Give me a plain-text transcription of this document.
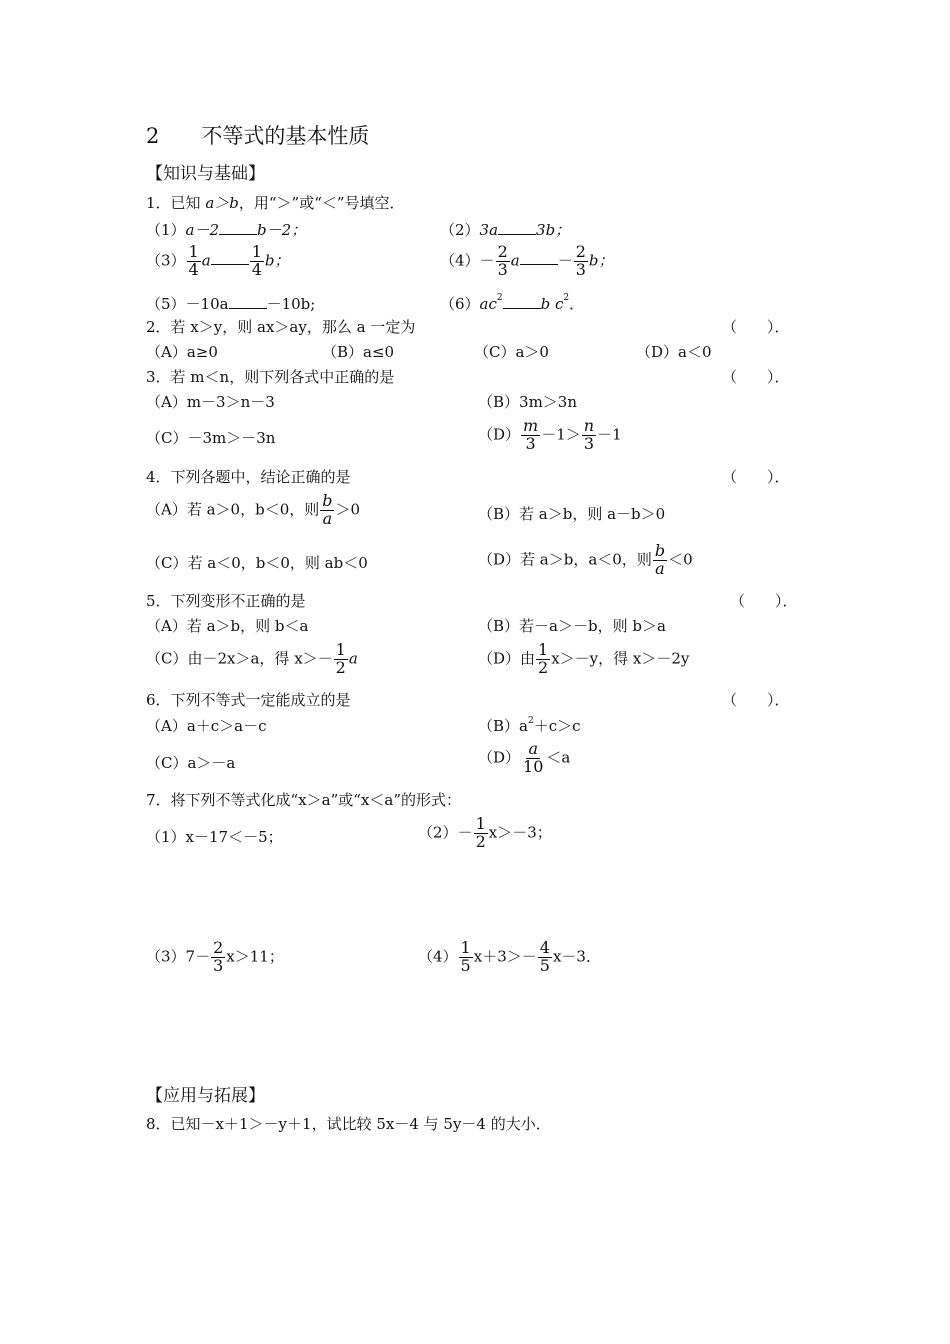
2　　不等式的基本性质
【知识与基础】
1．已知 a＞b，用“＞”或“＜”号填空．
（1）a－2	b－2；	（2）3a	3b；
$(3) \frac{1}{4}$ a $\frac{1}{4}$ b；	$(4)- \frac{2}{3}$ a	－ $\frac{2}{3}$ b；
（5）－10a	－10b;	$(6)ac^2$	b $c^2$．
2．若 x＞y，则 ax＞ay，那么 a 一定为	（　　）．
（A）a≥0	（B）a≤0	（C）a＞0	（D）a＜0
3．若 m＜n，则下列各式中正确的是	（　　）．
（A）m－3＞n－3	（B）3m＞3n
（C）－3m＞－3n	$(D) \frac{m}{3} -1> \frac{n}{3} -1$
4．下列各题中，结论正确的是	（　　）．
（A）若 a＞0，b＜0，则 $\frac{b}{a} >0$	（B）若 a＞b，则 a－b＞0
（C）若 a＜0，b＜0，则 ab＜0	（D）若 a＞b，a＜0，则 $\frac{b}{a} <0$
5．下列变形不正确的是	（　　）．
（A）若 a＞b，则 b＜a	（B）若－a＞－b，则 b＞a
（C）由－2x＞a，得 $x>- \frac{1}{2}$ a	（D）由 $\frac{1}{2} x>-y$，得 x＞－2y
6．下列不等式一定能成立的是	（　　）．
（A）a＋c＞a－c	$(B)a^2+c>c$
（C）a＞－a	$(D) \frac{a}{10} <a$
7．将下列不等式化成“x＞a”或“x＜a”的形式：
（1）x－17＜－5；	$(2)- \frac{1}{2} x>-3$；
$(3)7- \frac{2}{3} x>11$；	$(4) \frac{1}{5} x+3>- \frac{4}{5} x-3$．
【应用与拓展】
8．已知－x＋1＞－y＋1，试比较 5x－4 与 5y－4 的大小．
